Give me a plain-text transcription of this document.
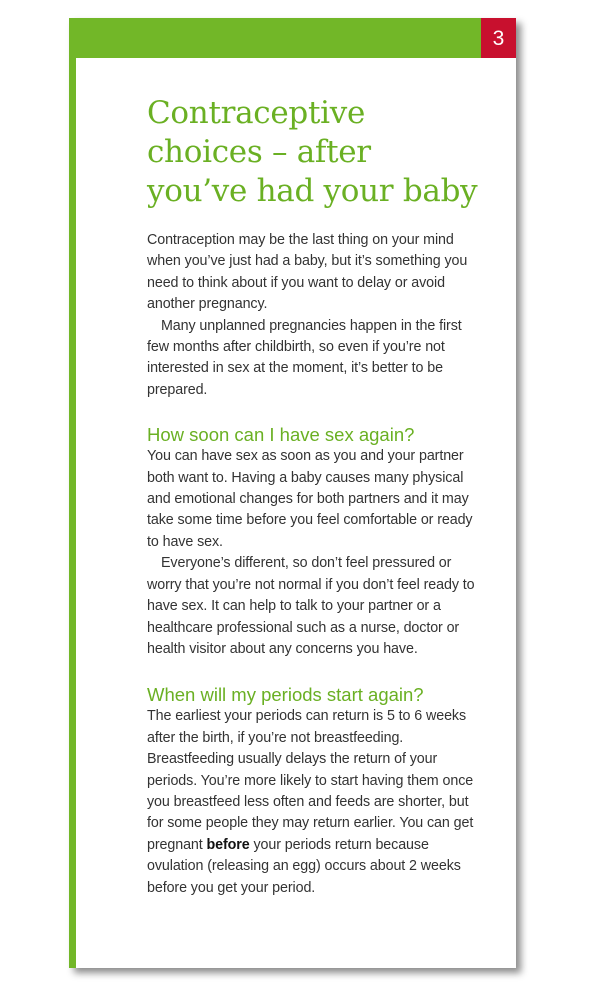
3
Contraceptive
choices – after
you’ve had your baby

Contraception may be the last thing on your mind when you’ve just had a baby, but it’s something you need to think about if you want to delay or avoid another pregnancy.

Many unplanned pregnancies happen in the first few months after childbirth, so even if you’re not interested in sex at the moment, it’s better to be prepared.

How soon can I have sex again?

You can have sex as soon as you and your partner both want to. Having a baby causes many physical and emotional changes for both partners and it may take some time before you feel comfortable or ready to have sex.

Everyone’s different, so don’t feel pressured or worry that you’re not normal if you don’t feel ready to have sex. It can help to talk to your partner or a healthcare professional such as a nurse, doctor or health visitor about any concerns you have.

When will my periods start again?

The earliest your periods can return is 5 to 6 weeks after the birth, if you’re not breastfeeding. Breastfeeding usually delays the return of your periods. You’re more likely to start having them once you breastfeed less often and feeds are shorter, but for some people they may return earlier. You can get pregnant before your periods return because ovulation (releasing an egg) occurs about 2 weeks before you get your period.
